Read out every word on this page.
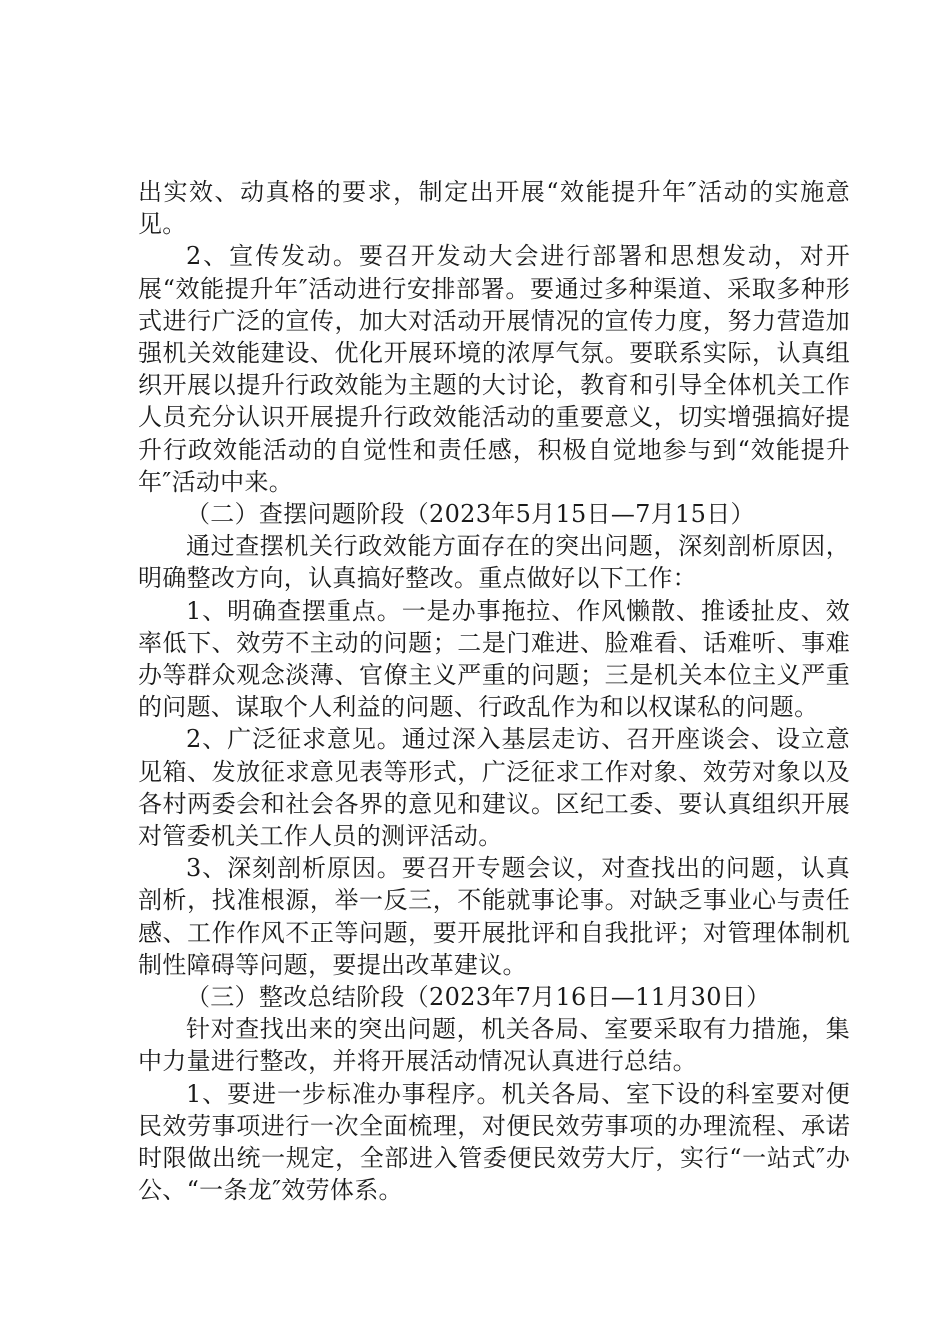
出实效、动真格的要求，制定出开展“效能提升年″活动的实施意见。

2、宣传发动。要召开发动大会进行部署和思想发动，对开展“效能提升年″活动进行安排部署。要通过多种渠道、采取多种形式进行广泛的宣传，加大对活动开展情况的宣传力度，努力营造加强机关效能建设、优化开展环境的浓厚气氛。要联系实际，认真组织开展以提升行政效能为主题的大讨论，教育和引导全体机关工作人员充分认识开展提升行政效能活动的重要意义，切实增强搞好提升行政效能活动的自觉性和责任感，积极自觉地参与到“效能提升年″活动中来。

（二）查摆问题阶段（2023年5月15日—7月15日）

通过查摆机关行政效能方面存在的突出问题，深刻剖析原因，明确整改方向，认真搞好整改。重点做好以下工作：

1、明确查摆重点。一是办事拖拉、作风懒散、推诿扯皮、效率低下、效劳不主动的问题；二是门难进、脸难看、话难听、事难办等群众观念淡薄、官僚主义严重的问题；三是机关本位主义严重的问题、谋取个人利益的问题、行政乱作为和以权谋私的问题。

2、广泛征求意见。通过深入基层走访、召开座谈会、设立意见箱、发放征求意见表等形式，广泛征求工作对象、效劳对象以及各村两委会和社会各界的意见和建议。区纪工委、要认真组织开展对管委机关工作人员的测评活动。

3、深刻剖析原因。要召开专题会议，对查找出的问题，认真剖析，找准根源，举一反三，不能就事论事。对缺乏事业心与责任感、工作作风不正等问题，要开展批评和自我批评；对管理体制机制性障碍等问题，要提出改革建议。

（三）整改总结阶段（2023年7月16日—11月30日）

针对查找出来的突出问题，机关各局、室要采取有力措施，集中力量进行整改，并将开展活动情况认真进行总结。

1、要进一步标准办事程序。机关各局、室下设的科室要对便民效劳事项进行一次全面梳理，对便民效劳事项的办理流程、承诺时限做出统一规定，全部进入管委便民效劳大厅，实行“一站式″办公、“一条龙″效劳体系。
